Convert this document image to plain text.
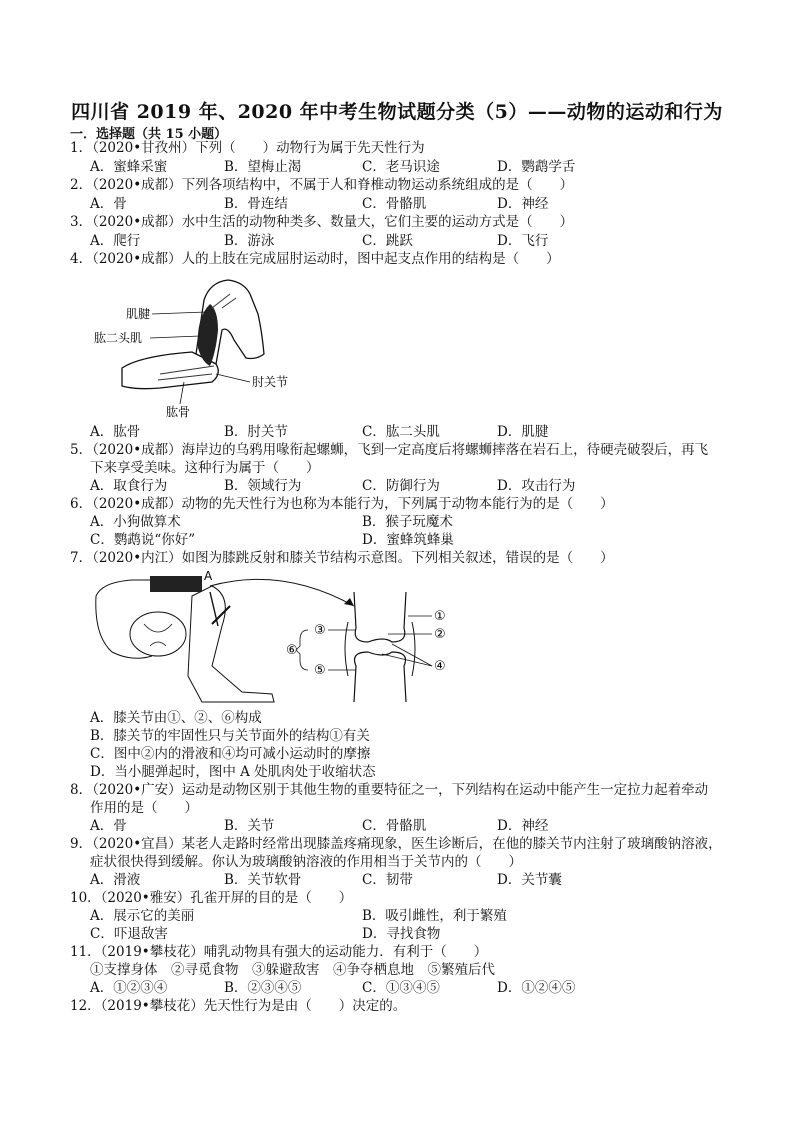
四川省 2019 年、2020 年中考生物试题分类（5）——动物的运动和行为
一．选择题（共 15 小题）
1．（2020•甘孜州）下列（　　）动物行为属于先天性行为
A．蜜蜂采蜜	B．望梅止渴	C．老马识途	D．鹦鹉学舌
2．（2020•成都）下列各项结构中，不属于人和脊椎动物运动系统组成的是（　　）
A．骨	B．骨连结	C．骨骼肌	D．神经
3．（2020•成都）水中生活的动物种类多、数量大，它们主要的运动方式是（　　）
A．爬行	B．游泳	C．跳跃	D．飞行
4．（2020•成都）人的上肢在完成屈肘运动时，图中起支点作用的结构是（　　）
肌腱
肱二头肌
肘关节
肱骨
A．肱骨	B．肘关节	C．肱二头肌	D．肌腱
5．（2020•成都）海岸边的乌鸦用喙衔起螺蛳，飞到一定高度后将螺蛳摔落在岩石上，待硬壳破裂后，再飞
下来享受美味。这种行为属于（　　）
A．取食行为	B．领域行为	C．防御行为	D．攻击行为
6．（2020•成都）动物的先天性行为也称为本能行为，下列属于动物本能行为的是（　　）
A．小狗做算术	B．猴子玩魔术
C．鹦鹉说“你好”	D．蜜蜂筑蜂巢
7．（2020•内江）如图为膝跳反射和膝关节结构示意图。下列相关叙述，错误的是（　　）
A
①
②
③
④
⑤
⑥
A．膝关节由①、②、⑥构成
B．膝关节的牢固性只与关节面外的结构①有关
C．图中②内的滑液和④均可减小运动时的摩擦
D．当小腿弹起时，图中 A 处肌肉处于收缩状态
8．（2020•广安）运动是动物区别于其他生物的重要特征之一，下列结构在运动中能产生一定拉力起着牵动
作用的是（　　）
A．骨	B．关节	C．骨骼肌	D．神经
9．（2020•宜昌）某老人走路时经常出现膝盖疼痛现象，医生诊断后，在他的膝关节内注射了玻璃酸钠溶液，
症状很快得到缓解。你认为玻璃酸钠溶液的作用相当于关节内的（　　）
A．滑液	B．关节软骨	C．韧带	D．关节囊
10．（2020•雅安）孔雀开屏的目的是（　　）
A．展示它的美丽	B．吸引雌性，利于繁殖
C．吓退敌害	D．寻找食物
11．（2019•攀枝花）哺乳动物具有强大的运动能力．有利于（　　）
①支撑身体　②寻觅食物　③躲避敌害　④争夺栖息地　⑤繁殖后代
A．①②③④	B．②③④⑤	C．①③④⑤	D．①②④⑤
12．（2019•攀枝花）先天性行为是由（　　）决定的。
